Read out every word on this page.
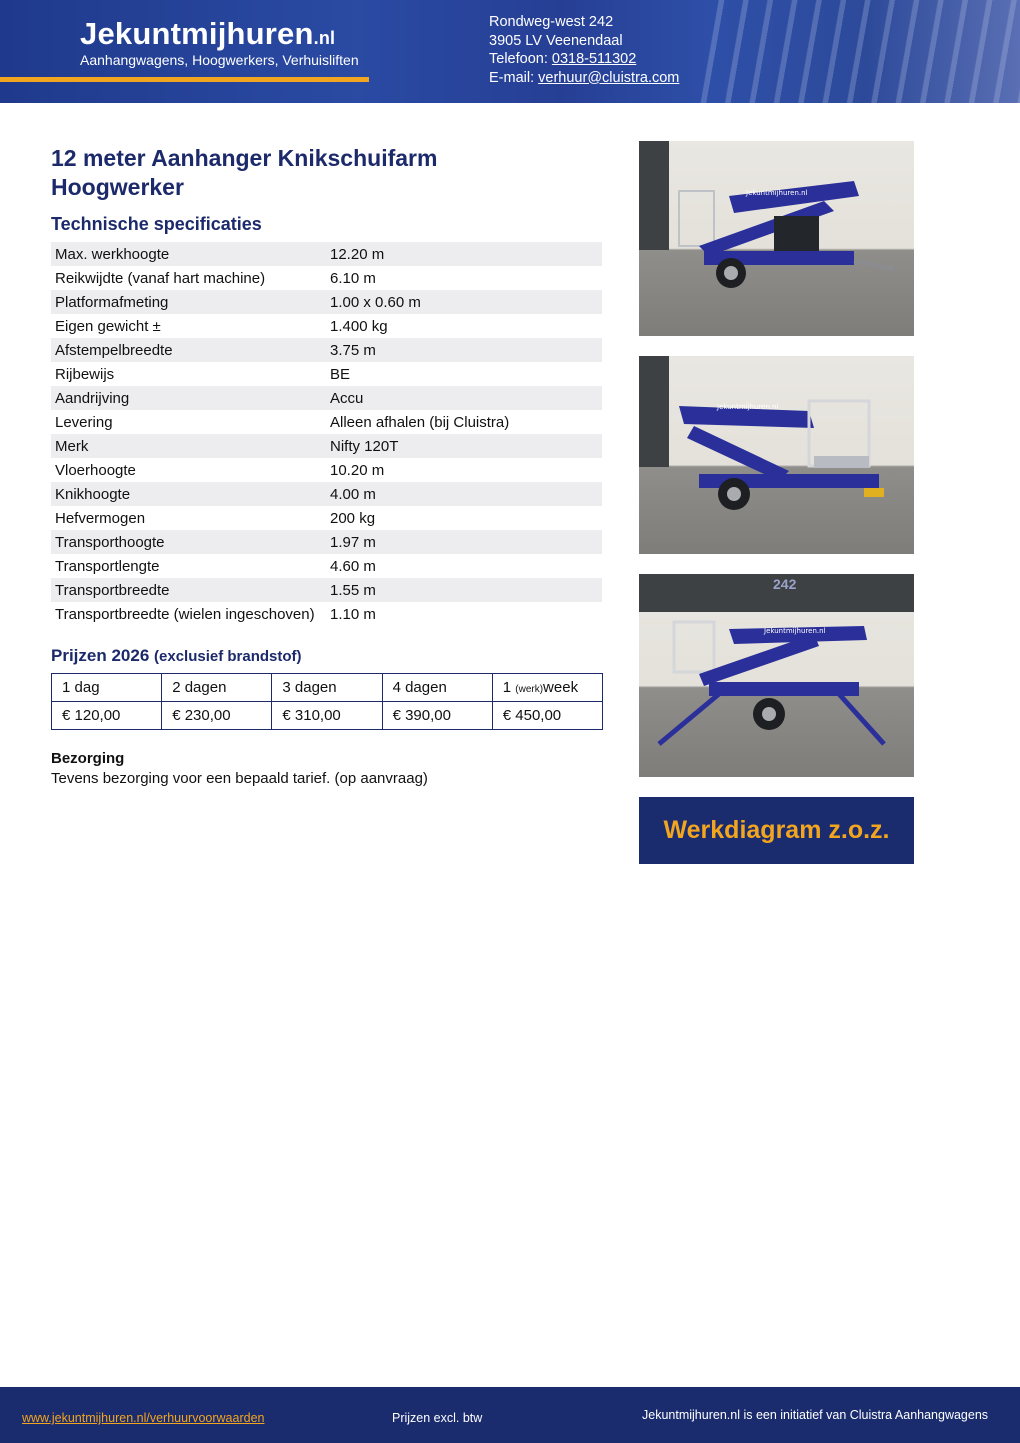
Jekuntmijhuren.nl
Aanhangwagens, Hoogwerkers, Verhuisliften
Rondweg-west 242
3905 LV Veenendaal
Telefoon: 0318-511302
E-mail: verhuur@cluistra.com
12 meter Aanhanger Knikschuifarm Hoogwerker
Technische specificaties
Max. werkhoogte	12.20 m
Reikwijdte (vanaf hart machine)	6.10 m
Platformafmeting	1.00 x 0.60 m
Eigen gewicht ±	1.400 kg
Afstempelbreedte	3.75 m
Rijbewijs	BE
Aandrijving	Accu
Levering	Alleen afhalen (bij Cluistra)
Merk	Nifty 120T
Vloerhoogte	10.20 m
Knikhoogte	4.00 m
Hefvermogen	200 kg
Transporthoogte	1.97 m
Transportlengte	4.60 m
Transportbreedte	1.55 m
Transportbreedte (wielen ingeschoven)	1.10 m
Prijzen 2026 (exclusief brandstof)
1 dag	2 dagen	3 dagen	4 dagen	1 (werk)week
€ 120,00	€ 230,00	€ 310,00	€ 390,00	€ 450,00
Bezorging
Tevens bezorging voor een bepaald tarief. (op aanvraag)
Jekuntmijhuren.nl
Jekuntmijhuren.nl
242
Jekuntmijhuren.nl
Werkdiagram z.o.z.
www.jekuntmijhuren.nl/verhuurvoorwaarden	Prijzen excl. btw	Jekuntmijhuren.nl is een initiatief van Cluistra Aanhangwagens
